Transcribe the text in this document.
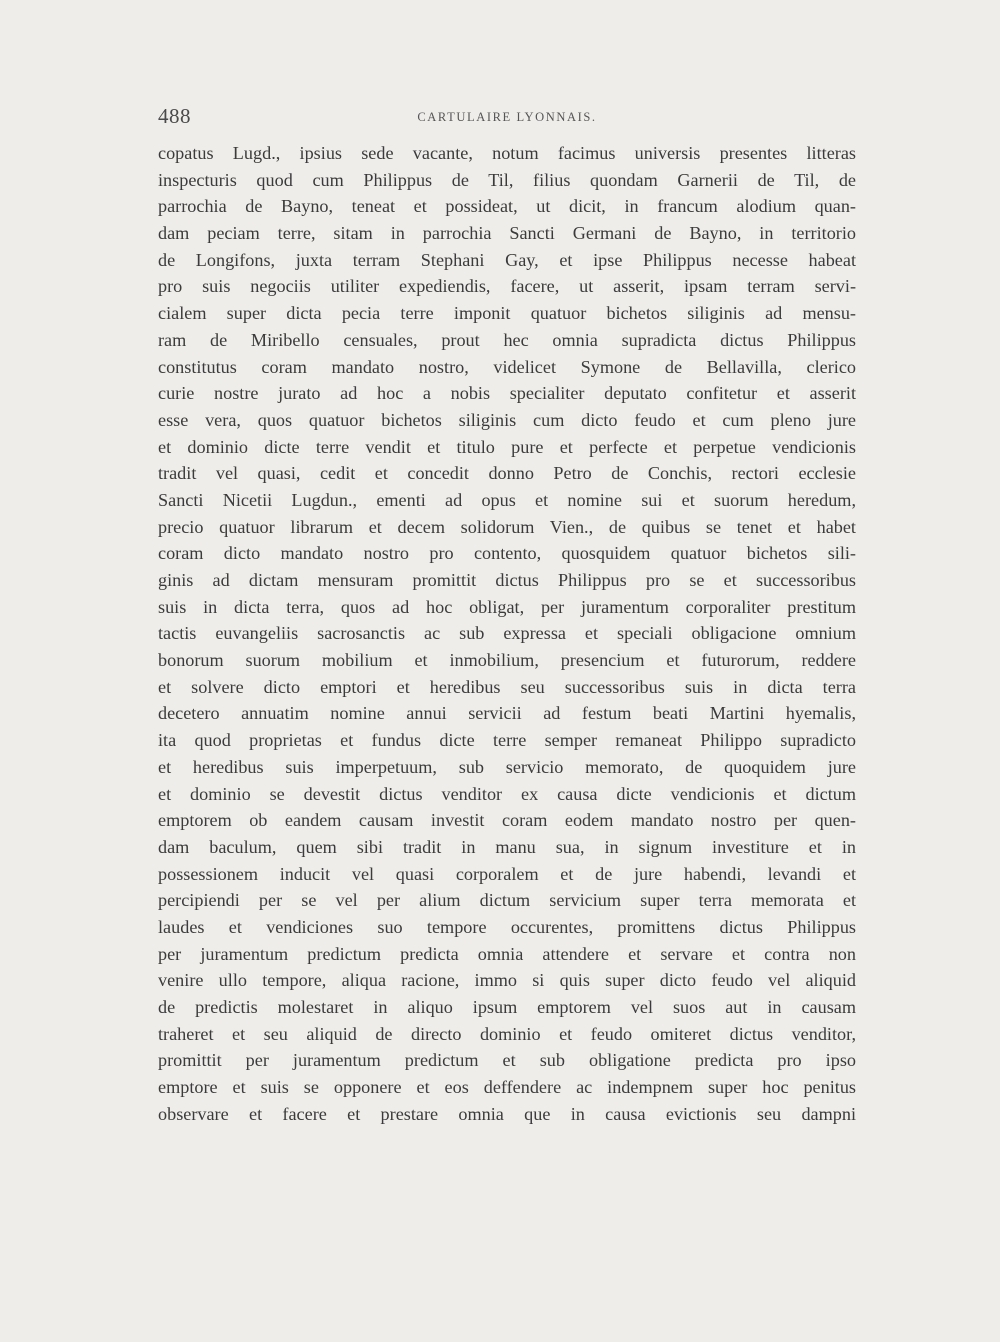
488	CARTULAIRE LYONNAIS.
copatus Lugd., ipsius sede vacante, notum facimus universis presentes litteras
inspecturis quod cum Philippus de Til, filius quondam Garnerii de Til, de
parrochia de Bayno, teneat et possideat, ut dicit, in francum alodium quan-
dam peciam terre, sitam in parrochia Sancti Germani de Bayno, in territorio
de Longifons, juxta terram Stephani Gay, et ipse Philippus necesse habeat
pro suis negociis utiliter expediendis, facere, ut asserit, ipsam terram servi-
cialem super dicta pecia terre imponit quatuor bichetos siliginis ad mensu-
ram de Miribello censuales, prout hec omnia supradicta dictus Philippus
constitutus coram mandato nostro, videlicet Symone de Bellavilla, clerico
curie nostre jurato ad hoc a nobis specialiter deputato confitetur et asserit
esse vera, quos quatuor bichetos siliginis cum dicto feudo et cum pleno jure
et dominio dicte terre vendit et titulo pure et perfecte et perpetue vendicionis
tradit vel quasi, cedit et concedit donno Petro de Conchis, rectori ecclesie
Sancti Nicetii Lugdun., ementi ad opus et nomine sui et suorum heredum,
precio quatuor librarum et decem solidorum Vien., de quibus se tenet et habet
coram dicto mandato nostro pro contento, quosquidem quatuor bichetos sili-
ginis ad dictam mensuram promittit dictus Philippus pro se et successoribus
suis in dicta terra, quos ad hoc obligat, per juramentum corporaliter prestitum
tactis euvangeliis sacrosanctis ac sub expressa et speciali obligacione omnium
bonorum suorum mobilium et inmobilium, presencium et futurorum, reddere
et solvere dicto emptori et heredibus seu successoribus suis in dicta terra
decetero annuatim nomine annui servicii ad festum beati Martini hyemalis,
ita quod proprietas et fundus dicte terre semper remaneat Philippo supradicto
et heredibus suis imperpetuum, sub servicio memorato, de quoquidem jure
et dominio se devestit dictus venditor ex causa dicte vendicionis et dictum
emptorem ob eandem causam investit coram eodem mandato nostro per quen-
dam baculum, quem sibi tradit in manu sua, in signum investiture et in
possessionem inducit vel quasi corporalem et de jure habendi, levandi et
percipiendi per se vel per alium dictum servicium super terra memorata et
laudes et vendiciones suo tempore occurentes, promittens dictus Philippus
per juramentum predictum predicta omnia attendere et servare et contra non
venire ullo tempore, aliqua racione, immo si quis super dicto feudo vel aliquid
de predictis molestaret in aliquo ipsum emptorem vel suos aut in causam
traheret et seu aliquid de directo dominio et feudo omiteret dictus venditor,
promittit per juramentum predictum et sub obligatione predicta pro ipso
emptore et suis se opponere et eos deffendere ac indempnem super hoc penitus
observare et facere et prestare omnia que in causa evictionis seu dampni
